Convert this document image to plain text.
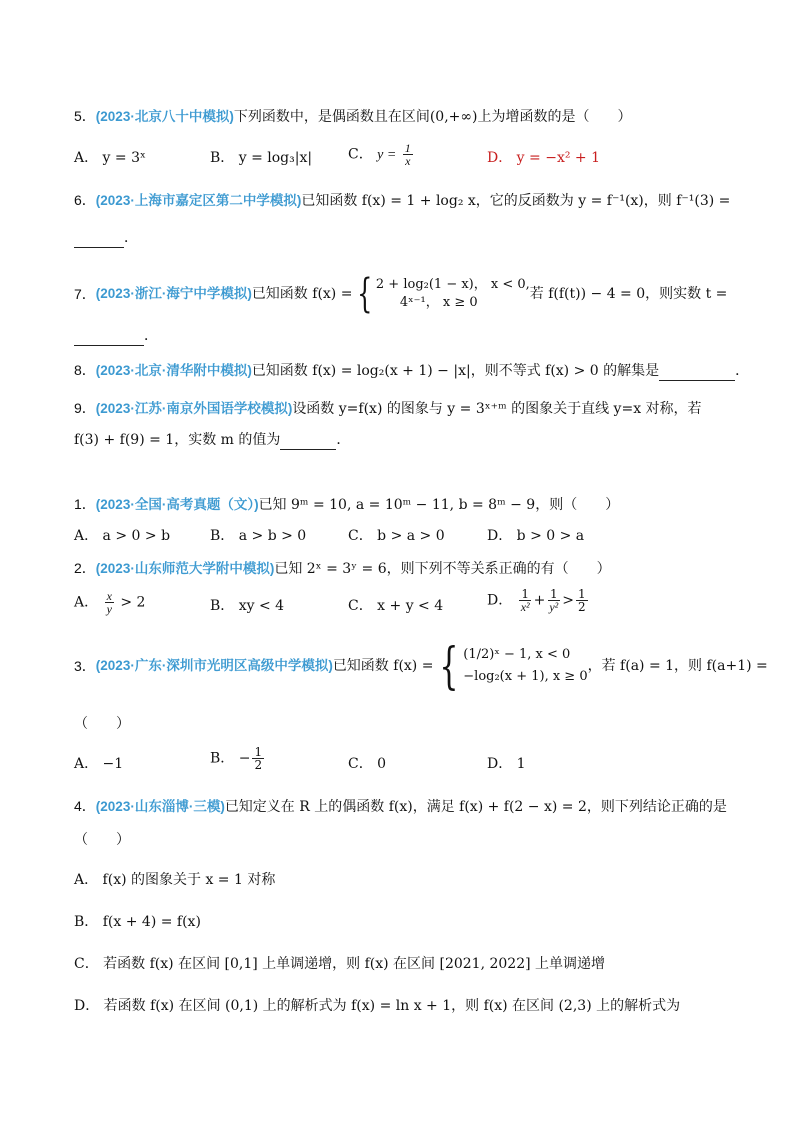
5．(2023·北京八十中模拟)下列函数中，是偶函数且在区间(0,+∞)上为增函数的是（　　）
A． y = 3ˣ	B． y = log₃|x|	C． $y = \frac{1}{x}$	D． y = −x² + 1
6．(2023·上海市嘉定区第二中学模拟)已知函数 f(x) = 1 + log₂ x，它的反函数为 y = f⁻¹(x)，则 f⁻¹(3) =
．
7． (2023·浙江·海宁中学模拟) 已知函数 f(x) = { 2 + log₂(1 − x)， x < 0,
4ˣ⁻¹， x ≥ 0
若 f(f(t)) − 4 = 0，则实数 t =
．
8．(2023·北京·清华附中模拟)已知函数 f(x) = log₂(x + 1) − |x|，则不等式 f(x) > 0 的解集是	．
9．(2023·江苏·南京外国语学校模拟)设函数 y=f(x) 的图象与 y = 3ˣ⁺ᵐ 的图象关于直线 y=x 对称，若
f(3) + f(9) = 1，实数 m 的值为	．
1．(2023·全国·高考真题（文）)已知 9ᵐ = 10, a = 10ᵐ − 11, b = 8ᵐ − 9，则（　　）
A． a > 0 > b	B． a > b > 0	C． b > a > 0	D． b > 0 > a
2．(2023·山东师范大学附中模拟)已知 2ˣ = 3ʸ = 6，则下列不等关系正确的有（　　）
A． $\frac{x}{y} > 2$	B． xy < 4	C． x + y < 4	D． $\frac{1}{\text{x²}} + \frac{1}{\text{y²}} > \frac{1}{2}$
3． (2023·广东·深圳市光明区高级中学模拟) 已知函数 f(x) = { (1/2)ˣ − 1, x < 0
−log₂(x + 1), x ≥ 0
，若 f(a) = 1，则 f(a+1) =
（　　）
A． −1	B． − $\frac{1}{2}$	C． 0	D． 1
4．(2023·山东淄博·三模)已知定义在 R 上的偶函数 f(x)，满足 f(x) + f(2 − x) = 2，则下列结论正确的是
（　　）
A． f(x) 的图象关于 x = 1 对称
B． f(x + 4) = f(x)
C． 若函数 f(x) 在区间 [0,1] 上单调递增，则 f(x) 在区间 [2021, 2022] 上单调递增
D． 若函数 f(x) 在区间 (0,1) 上的解析式为 f(x) = ln x + 1，则 f(x) 在区间 (2,3) 上的解析式为
